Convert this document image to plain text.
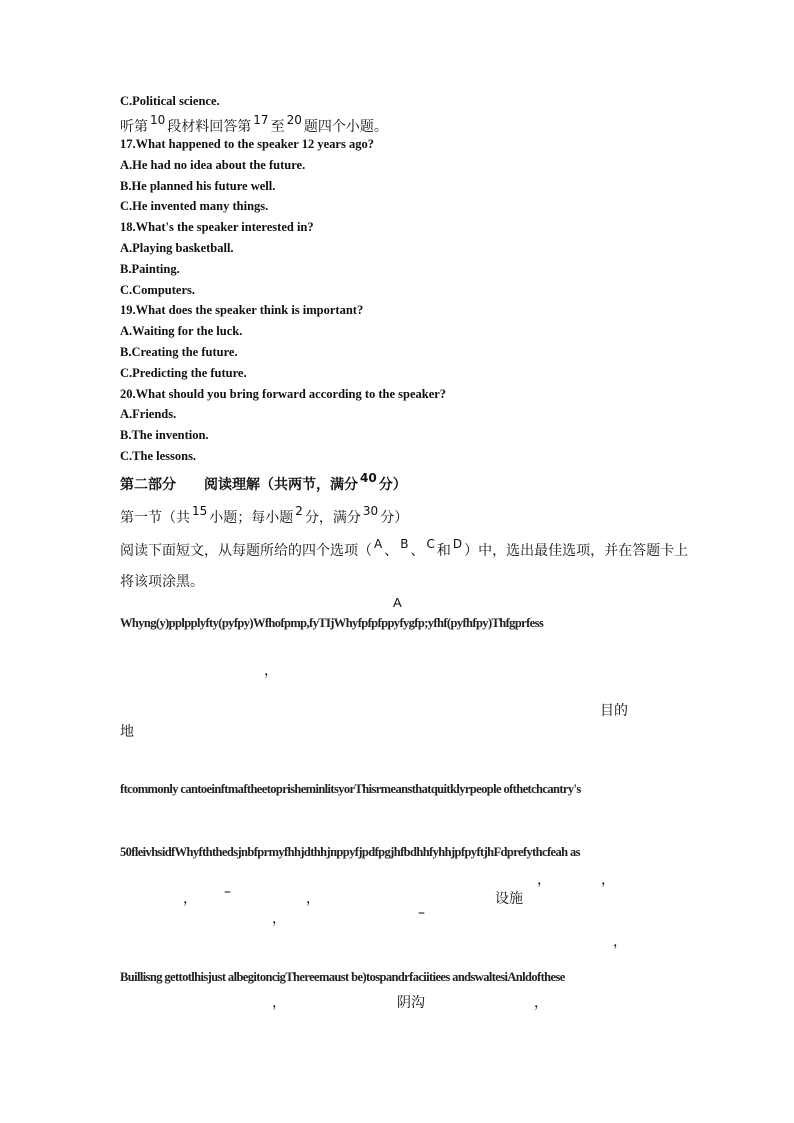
C.Political science.
听第 10 段材料回答第 17 至 20 题四个小题。
17.What happened to the speaker 12 years ago?
A.He had no idea about the future.
B.He planned his future well.
C.He invented many things.
18.What's the speaker interested in?
A.Playing basketball.
B.Painting.
C.Computers.
19.What does the speaker think is important?
A.Waiting for the luck.
B.Creating the future.
C.Predicting the future.
20.What should you bring forward according to the speaker?
A.Friends.
B.The invention.
C.The lessons.
第二部分　　阅读理解（共两节，满分 40 分）
第一节（共 15 小题；每小题 2 分，满分 30 分）
阅读下面短文，从每题所给的四个选项（ A 、 B 、 C 和 D ）中，选出最佳选项，并在答题卡上
将该项涂黑。
A
Whyng(y)pplpplyfty(pyfpy)Wfhofpmp,fyTIjWhyfpfpfppyfygfp;yfhf(pyfhfpy)Thfgprfess
，
目的
地
ftcommonly cantoeinftmaftheetoprisheminlitsyorThisrmeansthatquitklyrpeople ofthetchcantry's
50fleivhsidfWhyfththedsjnbfprmyfhhjdthhjnppyfjpdfpgjhfbdhhfyhhjpfpyftjhFdprefythcfeah as
，	，
， –	，	设施
，	–
，
Buillisng gettotlhisjust albegitoncigThereemaust be)tospandrfaciitiees andswaltesiAnldofthese
，	阴沟	，
